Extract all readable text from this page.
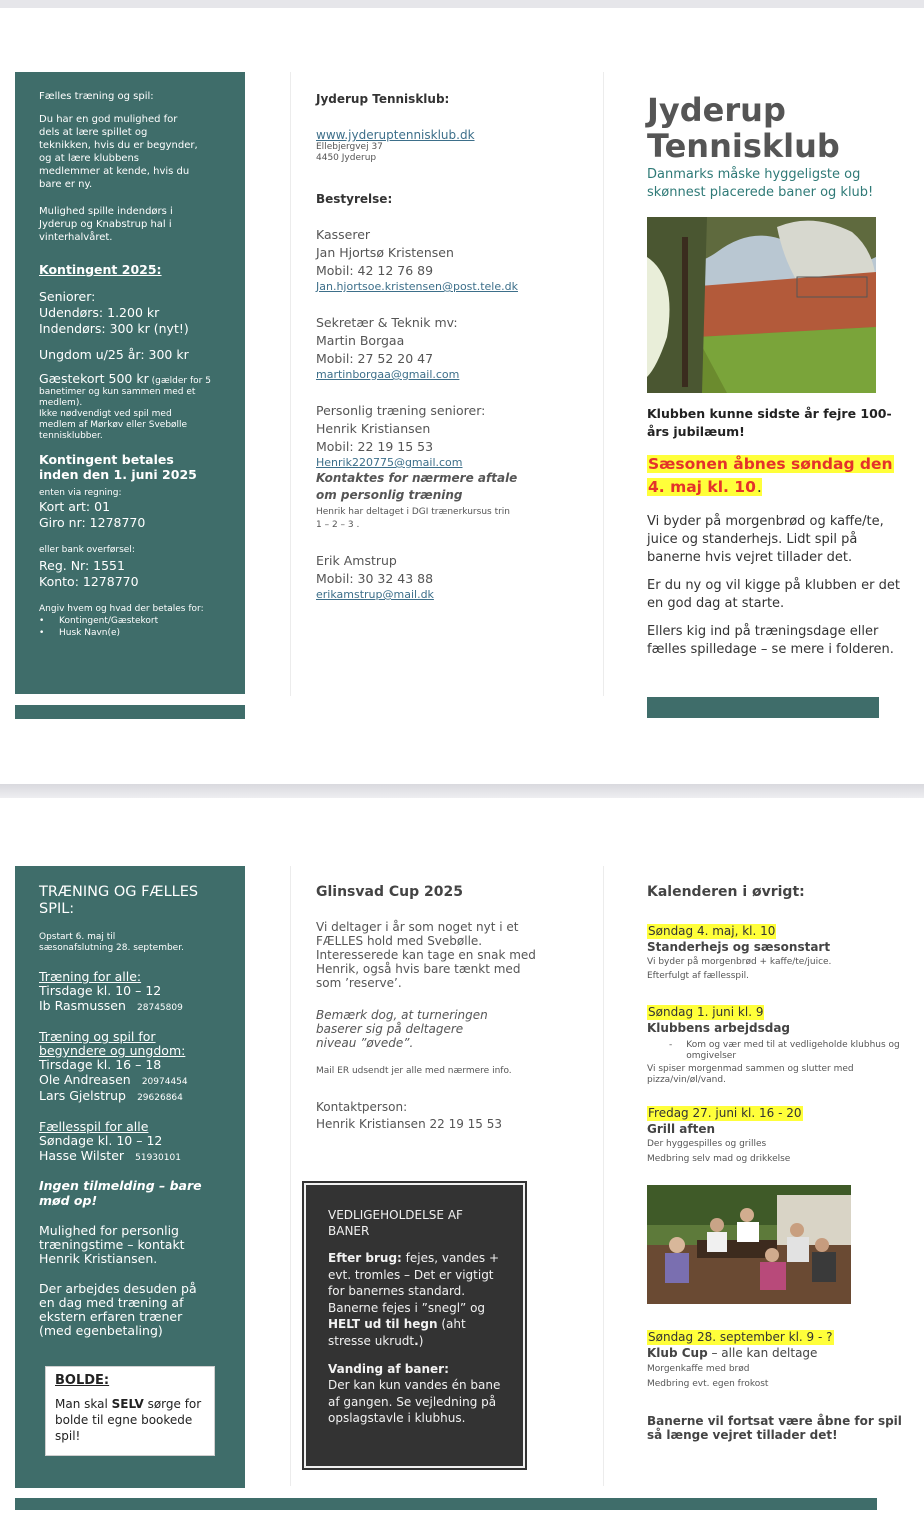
Fælles træning og spil:
Du har en god mulighed for dels at lære spillet og teknikken, hvis du er begynder, og at lære klubbens medlemmer at kende, hvis du bare er ny.
Mulighed spille indendørs i Jyderup og Knabstrup hal i vinterhalvåret.
Kontingent 2025:
Seniorer:
Udendørs: 1.200 kr
Indendørs: 300 kr (nyt!)
Ungdom u/25 år: 300 kr
Gæstekort 500 kr (gælder for 5 banetimer og kun sammen med et medlem).
Ikke nødvendigt ved spil med medlem af Mørkøv eller Svebølle tennisklubber.
Kontingent betales inden den 1. juni 2025
enten via regning:
Kort art: 01
Giro nr: 1278770
eller bank overførsel:
Reg. Nr: 1551
Konto: 1278770
Angiv hvem og hvad der betales for:
• Kontingent/Gæstekort
• Husk Navn(e)
Jyderup Tennisklub:
www.jyderuptennisklub.dk
Ellebjergvej 37
4450 Jyderup
Bestyrelse:
Kasserer
Jan Hjortsø Kristensen
Mobil: 42 12 76 89
Jan.hjortsoe.kristensen@post.tele.dk
Sekretær & Teknik mv:
Martin Borgaa
Mobil: 27 52 20 47
martinborgaa@gmail.com
Personlig træning seniorer:
Henrik Kristiansen
Mobil: 22 19 15 53
Henrik220775@gmail.com
Kontaktes for nærmere aftale om personlig træning
Henrik har deltaget i DGI trænerkursus trin 1 – 2 – 3 .
Erik Amstrup
Mobil: 30 32 43 88
erikamstrup@mail.dk
Jyderup
Tennisklub
Danmarks måske hyggeligste og skønnest placerede baner og klub!
Klubben kunne sidste år fejre 100-års jubilæum!
Sæsonen åbnes søndag den 4. maj kl. 10.
Vi byder på morgenbrød og kaffe/te, juice og standerhejs. Lidt spil på banerne hvis vejret tillader det.
Er du ny og vil kigge på klubben er det en god dag at starte.
Ellers kig ind på træningsdage eller fælles spilledage – se mere i folderen.
TRÆNING OG FÆLLES SPIL:
Opstart 6. maj til
sæsonafslutning 28. september.
Træning for alle:
Tirsdage kl. 10 – 12
Ib Rasmussen 28745809
Træning og spil for begyndere og ungdom:
Tirsdage kl. 16 – 18
Ole Andreasen 20974454
Lars Gjelstrup 29626864
Fællesspil for alle
Søndage kl. 10 – 12
Hasse Wilster 51930101
Ingen tilmelding – bare mød op!
Mulighed for personlig træningstime – kontakt Henrik Kristiansen.
Der arbejdes desuden på en dag med træning af ekstern erfaren træner (med egenbetaling)
BOLDE:
Man skal SELV sørge for bolde til egne bookede spil!
Glinsvad Cup 2025
Vi deltager i år som noget nyt i et FÆLLES hold med Svebølle.
Interesserede kan tage en snak med Henrik, også hvis bare tænkt med som ’reserve’.
Bemærk dog, at turneringen baserer sig på deltagere niveau ”øvede”.
Mail ER udsendt jer alle med nærmere info.
Kontaktperson:
Henrik Kristiansen 22 19 15 53
VEDLIGEHOLDELSE AF BANER
Efter brug: fejes, vandes + evt. tromles – Det er vigtigt for banernes standard. Banerne fejes i ”snegl” og HELT ud til hegn (aht stresse ukrudt.)
Vanding af baner:
Der kan kun vandes én bane af gangen. Se vejledning på opslagstavle i klubhus.
Kalenderen i øvrigt:
Søndag 4. maj, kl. 10
Standerhejs og sæsonstart
Vi byder på morgenbrød + kaffe/te/juice.
Efterfulgt af fællesspil.
Søndag 1. juni kl. 9
Klubbens arbejdsdag
- Kom og vær med til at vedligeholde klubhus og omgivelser
Vi spiser morgenmad sammen og slutter med pizza/vin/øl/vand.
Fredag 27. juni kl. 16 - 20
Grill aften
Der hyggespilles og grilles
Medbring selv mad og drikkelse
Søndag 28. september kl. 9 - ?
Klub Cup – alle kan deltage
Morgenkaffe med brød
Medbring evt. egen frokost
Banerne vil fortsat være åbne for spil så længe vejret tillader det!
